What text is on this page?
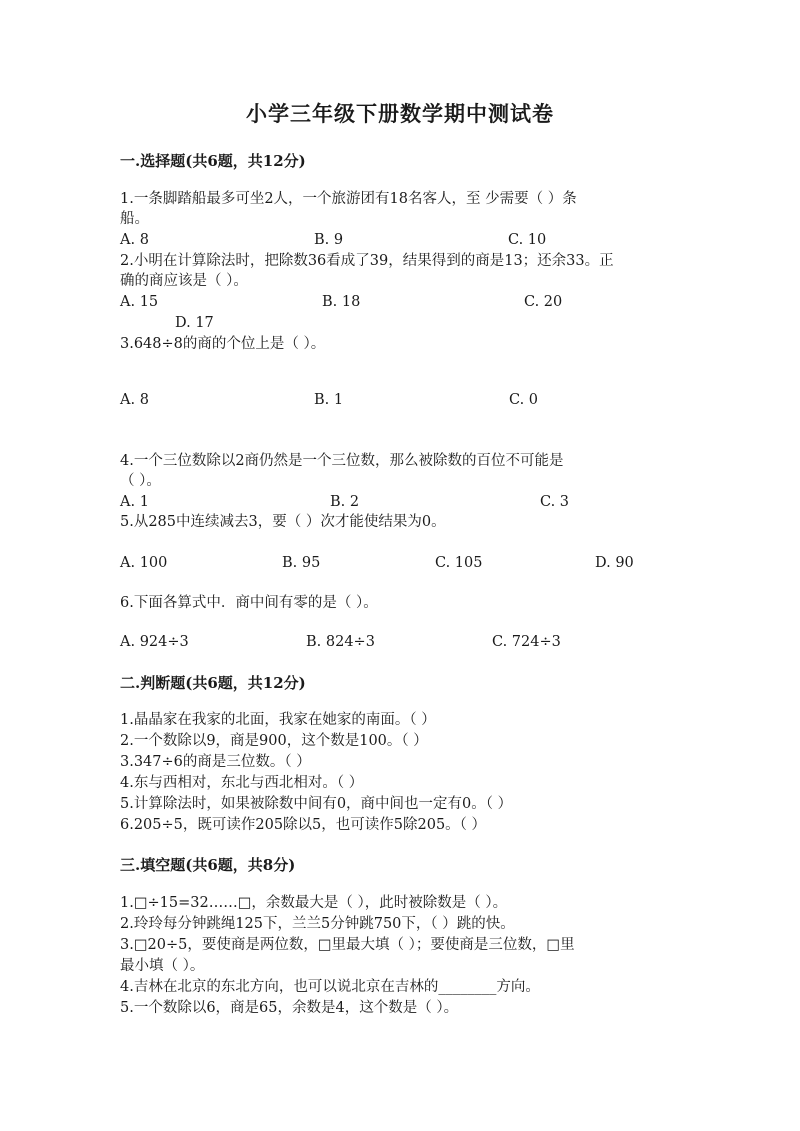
小学三年级下册数学期中测试卷
一.选择题(共6题，共12分)
1.一条脚踏船最多可坐2人，一个旅游团有18名客人，至 少需要（ ）条
船。
A. 8	B. 9	C. 10
2.小明在计算除法时，把除数36看成了39，结果得到的商是13；还余33。正
确的商应该是（ ）。
A. 15	B. 18	C. 20
D. 17
3.648÷8的商的个位上是（ ）。
A. 8	B. 1	C. 0
4.一个三位数除以2商仍然是一个三位数，那么被除数的百位不可能是
（ ）。
A. 1	B. 2	C. 3
5.从285中连续减去3，要（ ）次才能使结果为0。
A. 100	B. 95	C. 105	D. 90
6.下面各算式中．商中间有零的是（ ）。
A. 924÷3	B. 824÷3	C. 724÷3
二.判断题(共6题，共12分)
1.晶晶家在我家的北面，我家在她家的南面。（ ）
2.一个数除以9，商是900，这个数是100。（ ）
3.347÷6的商是三位数。（ ）
4.东与西相对，东北与西北相对。（ ）
5.计算除法时，如果被除数中间有0，商中间也一定有0。（ ）
6.205÷5，既可读作205除以5，也可读作5除205。（ ）
三.填空题(共6题，共8分)
1.□÷15=32……□，余数最大是（ ），此时被除数是（ ）。
2.玲玲每分钟跳绳125下，兰兰5分钟跳750下，（ ）跳的快。
3.□20÷5，要使商是两位数，□里最大填（ ）；要使商是三位数，□里
最小填（ ）。
4.吉林在北京的东北方向，也可以说北京在吉林的________方向。
5.一个数除以6，商是65，余数是4，这个数是（ ）。
